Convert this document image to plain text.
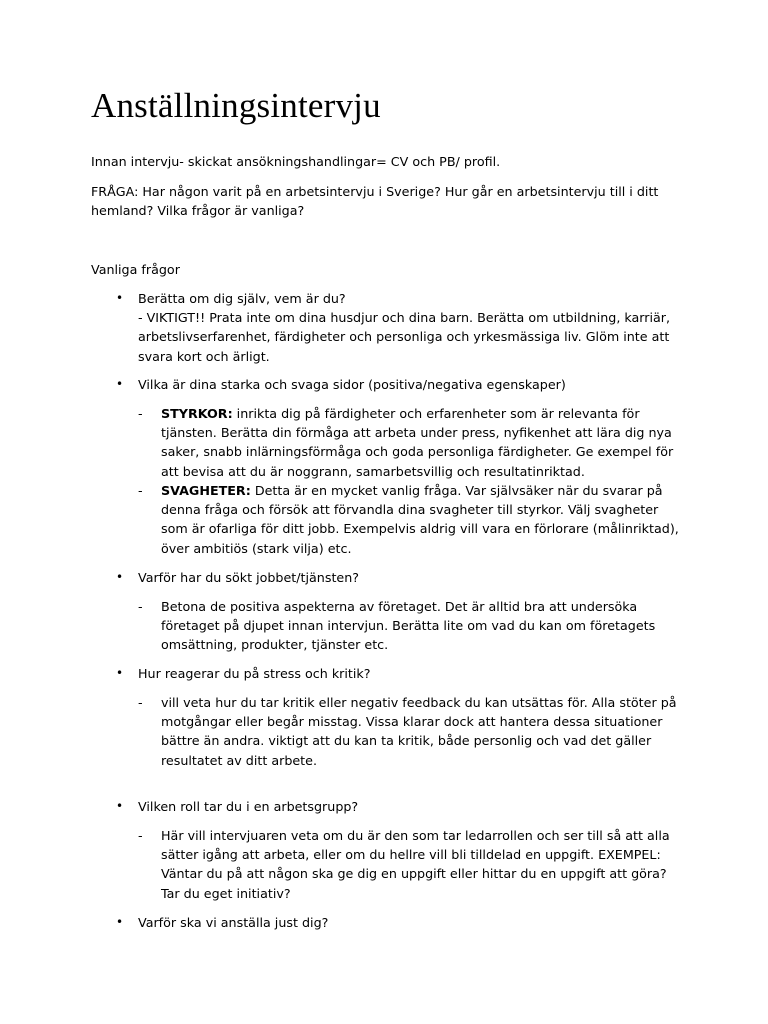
Anställningsintervju

Innan intervju- skickat ansökningshandlingar= CV och PB/ profil.

FRÅGA: Har någon varit på en arbetsintervju i Sverige? Hur går en arbetsintervju till i ditt
hemland? Vilka frågor är vanliga?

Vanliga frågor

• Berätta om dig själv, vem är du?
- VIKTIGT!! Prata inte om dina husdjur och dina barn. Berätta om utbildning, karriär,
arbetslivserfarenhet, färdigheter och personliga och yrkesmässiga liv. Glöm inte att
svara kort och ärligt.
• Vilka är dina starka och svaga sidor (positiva/negativa egenskaper)
- STYRKOR: inrikta dig på färdigheter och erfarenheter som är relevanta för
tjänsten. Berätta din förmåga att arbeta under press, nyfikenhet att lära dig nya
saker, snabb inlärningsförmåga och goda personliga färdigheter. Ge exempel för
att bevisa att du är noggrann, samarbetsvillig och resultatinriktad.
- SVAGHETER: Detta är en mycket vanlig fråga. Var självsäker när du svarar på
denna fråga och försök att förvandla dina svagheter till styrkor. Välj svagheter
som är ofarliga för ditt jobb. Exempelvis aldrig vill vara en förlorare (målinriktad),
över ambitiös (stark vilja) etc.
• Varför har du sökt jobbet/tjänsten?
- Betona de positiva aspekterna av företaget. Det är alltid bra att undersöka
företaget på djupet innan intervjun. Berätta lite om vad du kan om företagets
omsättning, produkter, tjänster etc.
• Hur reagerar du på stress och kritik?
- vill veta hur du tar kritik eller negativ feedback du kan utsättas för. Alla stöter på
motgångar eller begår misstag. Vissa klarar dock att hantera dessa situationer
bättre än andra. viktigt att du kan ta kritik, både personlig och vad det gäller
resultatet av ditt arbete.
• Vilken roll tar du i en arbetsgrupp?
- Här vill intervjuaren veta om du är den som tar ledarrollen och ser till så att alla
sätter igång att arbeta, eller om du hellre vill bli tilldelad en uppgift. EXEMPEL:
Väntar du på att någon ska ge dig en uppgift eller hittar du en uppgift att göra?
Tar du eget initiativ?
• Varför ska vi anställa just dig?
